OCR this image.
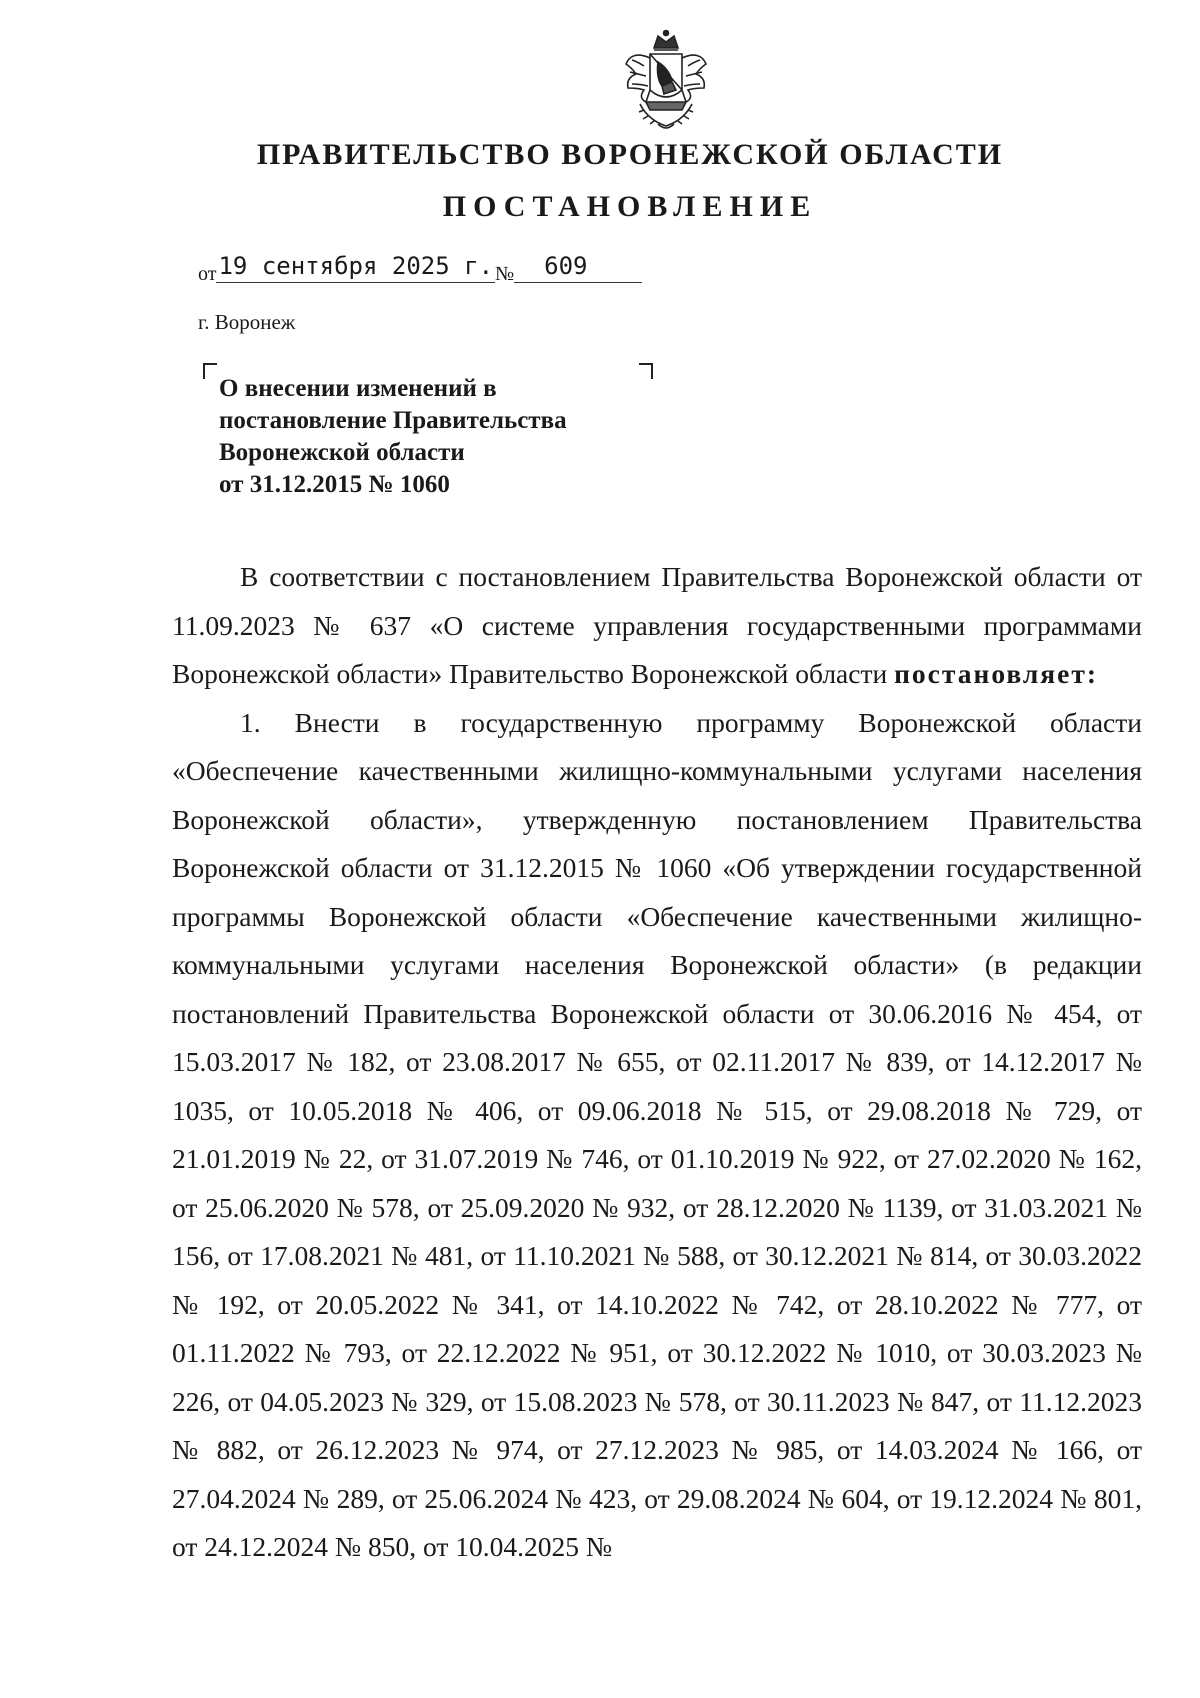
ПРАВИТЕЛЬСТВО ВОРОНЕЖСКОЙ ОБЛАСТИ
ПОСТАНОВЛЕНИЕ
от19 сентября 2025 г. № 609
г. Воронеж
О внесении изменений в
постановление Правительства
Воронежской области
от 31.12.2015 № 1060

В соответствии с постановлением Правительства Воронежской области от 11.09.2023 № 637 «О системе управления государственными программами Воронежской области» Правительство Воронежской области постановляет:

1. Внести в государственную программу Воронежской области «Обеспечение качественными жилищно-коммунальными услугами населения Воронежской области», утвержденную постановлением Правительства Воронежской области от 31.12.2015 № 1060 «Об утверждении государственной программы Воронежской области «Обеспечение качественными жилищно-коммунальными услугами населения Воронежской области» (в редакции постановлений Правительства Воронежской области от 30.06.2016 № 454, от 15.03.2017 № 182, от 23.08.2017 № 655, от 02.11.2017 № 839, от 14.12.2017 № 1035, от 10.05.2018 № 406, от 09.06.2018 № 515, от 29.08.2018 № 729, от 21.01.2019 № 22, от 31.07.2019 № 746, от 01.10.2019 № 922, от 27.02.2020 № 162, от 25.06.2020 № 578, от 25.09.2020 № 932, от 28.12.2020 № 1139, от 31.03.2021 № 156, от 17.08.2021 № 481, от 11.10.2021 № 588, от 30.12.2021 № 814, от 30.03.2022 № 192, от 20.05.2022 № 341, от 14.10.2022 № 742, от 28.10.2022 № 777, от 01.11.2022 № 793, от 22.12.2022 № 951, от 30.12.2022 № 1010, от 30.03.2023 № 226, от 04.05.2023 № 329, от 15.08.2023 № 578, от 30.11.2023 № 847, от 11.12.2023 № 882, от 26.12.2023 № 974, от 27.12.2023 № 985, от 14.03.2024 № 166, от 27.04.2024 № 289, от 25.06.2024 № 423, от 29.08.2024 № 604, от 19.12.2024 № 801, от 24.12.2024 № 850, от 10.04.2025 №
